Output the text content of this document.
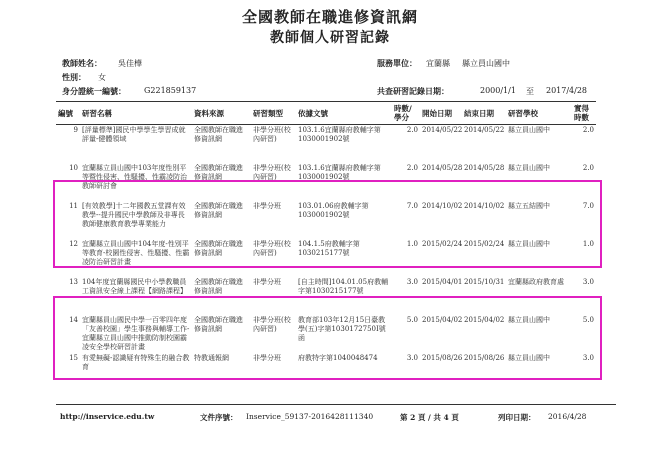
全國教師在職進修資訊網
教師個人研習記錄
教師姓名： 吳佳樺
性別： 女
身分證統一編號： G221859137
服務單位： 宜蘭縣 縣立員山國中
共查研習記錄日期：	2000/1/1 至 2017/4/28
編號	研習名稱	資料來源	研習類型	依據文號	時數/學分	開始日期	結束日期	研習學校	實得時數
9	[評量標準]國民中學學生學習成就評量-健體領域	全國教師在職進修資訊網	非學分班(校內研習)	103.1.6宜蘭縣府教輔字第1030001902號	2.0	2014/05/22	2014/05/22	縣立員山國中	2.0
10	宜蘭縣立員山國中103年度性別平等暨性侵害、性騷擾、性霸凌防治教師研討會	全國教師在職進修資訊網	非學分班(校內研習)	103.1.6宜蘭縣府教輔字第1030001902號	2.0	2014/05/28	2014/05/28	縣立員山國中	2.0
11	[有效教學]十二年國教五堂課有效教學--提升國民中學教師及非專長教師健康教育教學專業能力	全國教師在職進修資訊網	非學分班	103.01.06府教輔字第1030001902號	7.0	2014/10/02	2014/10/02	縣立五結國中	7.0
12	宜蘭縣立員山國中104年度-性別平等教育-校園性侵害、性騷擾、性霸凌防治研習計畫	全國教師在職進修資訊網	非學分班(校內研習)	104.1.5府教輔字第1030215177號	1.0	2015/02/24	2015/02/24	縣立員山國中	1.0
13	104年度宜蘭縣國民中小學教職員工資訊安全線上課程【網路課程】	全國教師在職進修資訊網	非學分班	[自主時間]104.01.05府教輔字第1030215177號	3.0	2015/04/01	2015/10/31	宜蘭縣政府教育處	3.0
14	宜蘭縣員山國民中學一百零四年度「友善校園」學生事務與輔導工作-宜蘭縣立員山國中推動防制校園霸凌安全學校研習計畫	全國教師在職進修資訊網	非學分班(校內研習)	教育部103年12月15日臺教學(五)字第1030172750I號函	5.0	2015/04/02	2015/04/02	縣立員山國中	5.0
15	有愛無礙-認識疑有特殊生的融合教育	特教通報網	非學分班	府教特字第1040048474	3.0	2015/08/26	2015/08/26	縣立員山國中	3.0
http://inservice.edu.tw	文件序號： Inservice_59137-2016428111340	第 2 頁 / 共 4 頁	列印日期： 2016/4/28
